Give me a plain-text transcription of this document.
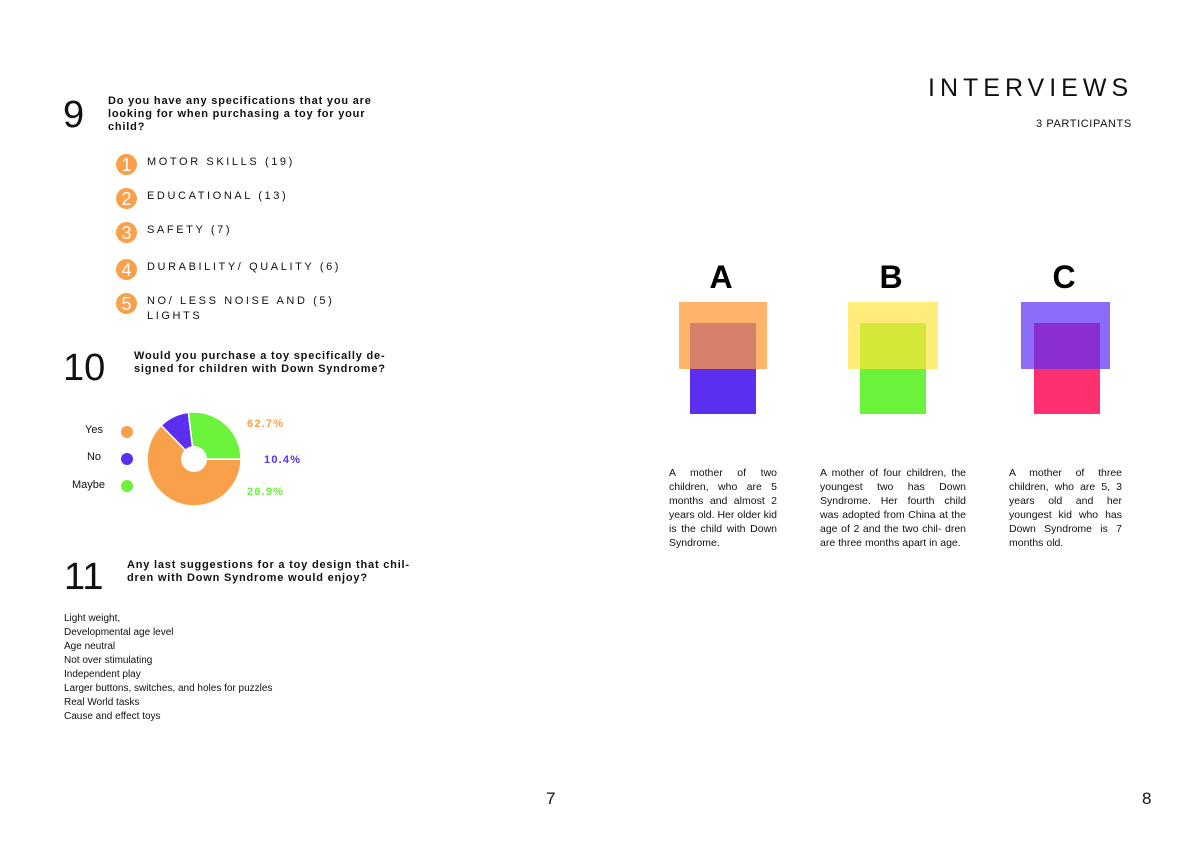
9 Do you have any specifications that you are looking for when purchasing a toy for your child?
1	MOTOR SKILLS (19)
2	EDUCATIONAL (13)
3	SAFETY (7)
4	DURABILITY/ QUALITY (6)
5	NO/ LESS NOISE AND (5) LIGHTS
10	Would you purchase a toy specifically de- signed for children with Down Syndrome?
Yes
No
Maybe
62.7%
10.4%
26.9%
11 Any last suggestions for a toy design that chil- dren with Down Syndrome would enjoy?
Light weight,
Developmental age level
Age neutral
Not over stimulating
Independent play
Larger buttons, switches, and holes for puzzles
Real World tasks
Cause and effect toys
7
INTERVIEWS
3 PARTICIPANTS
A
A mother of two children, who are 5 months and almost 2 years old. Her older kid is the child with Down Syndrome.
B
A mother of four children, the youngest two has Down Syndrome. Her fourth child was adopted from China at the age of 2 and the two chil- dren are three months apart in age.
C
A mother of three children, who are 5, 3 years old and her youngest kid who has Down Syndrome is 7 months old.
8
